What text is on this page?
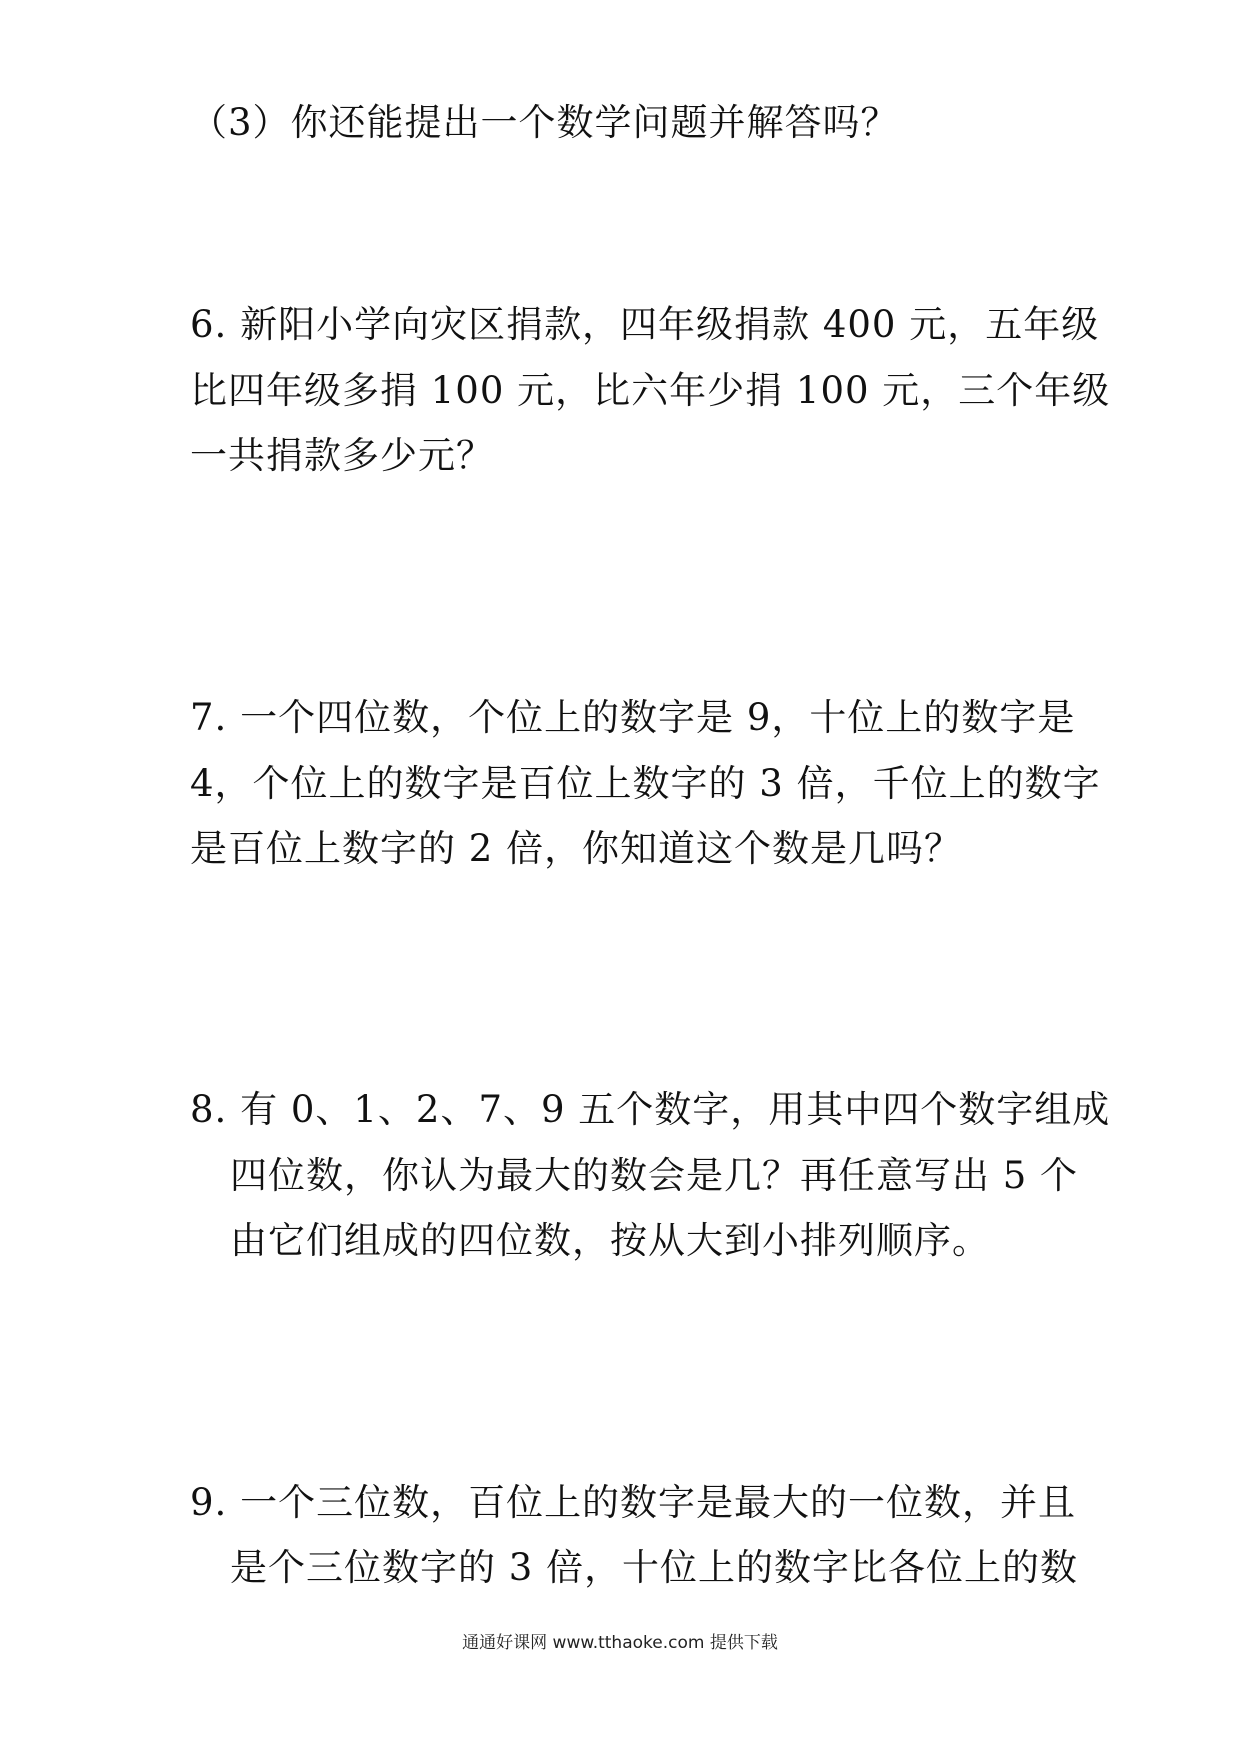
（3）你还能提出一个数学问题并解答吗？
6. 新阳小学向灾区捐款，四年级捐款 400 元，五年级
比四年级多捐 100 元，比六年少捐 100 元，三个年级
一共捐款多少元？
7. 一个四位数，个位上的数字是 9，十位上的数字是
4，个位上的数字是百位上数字的 3 倍，千位上的数字
是百位上数字的 2 倍，你知道这个数是几吗？
8. 有 0、1、2、7、9 五个数字，用其中四个数字组成
四位数，你认为最大的数会是几？再任意写出 5 个
由它们组成的四位数，按从大到小排列顺序。
9. 一个三位数，百位上的数字是最大的一位数，并且
是个三位数字的 3 倍，十位上的数字比各位上的数
通通好课网 www.tthaoke.com 提供下载
